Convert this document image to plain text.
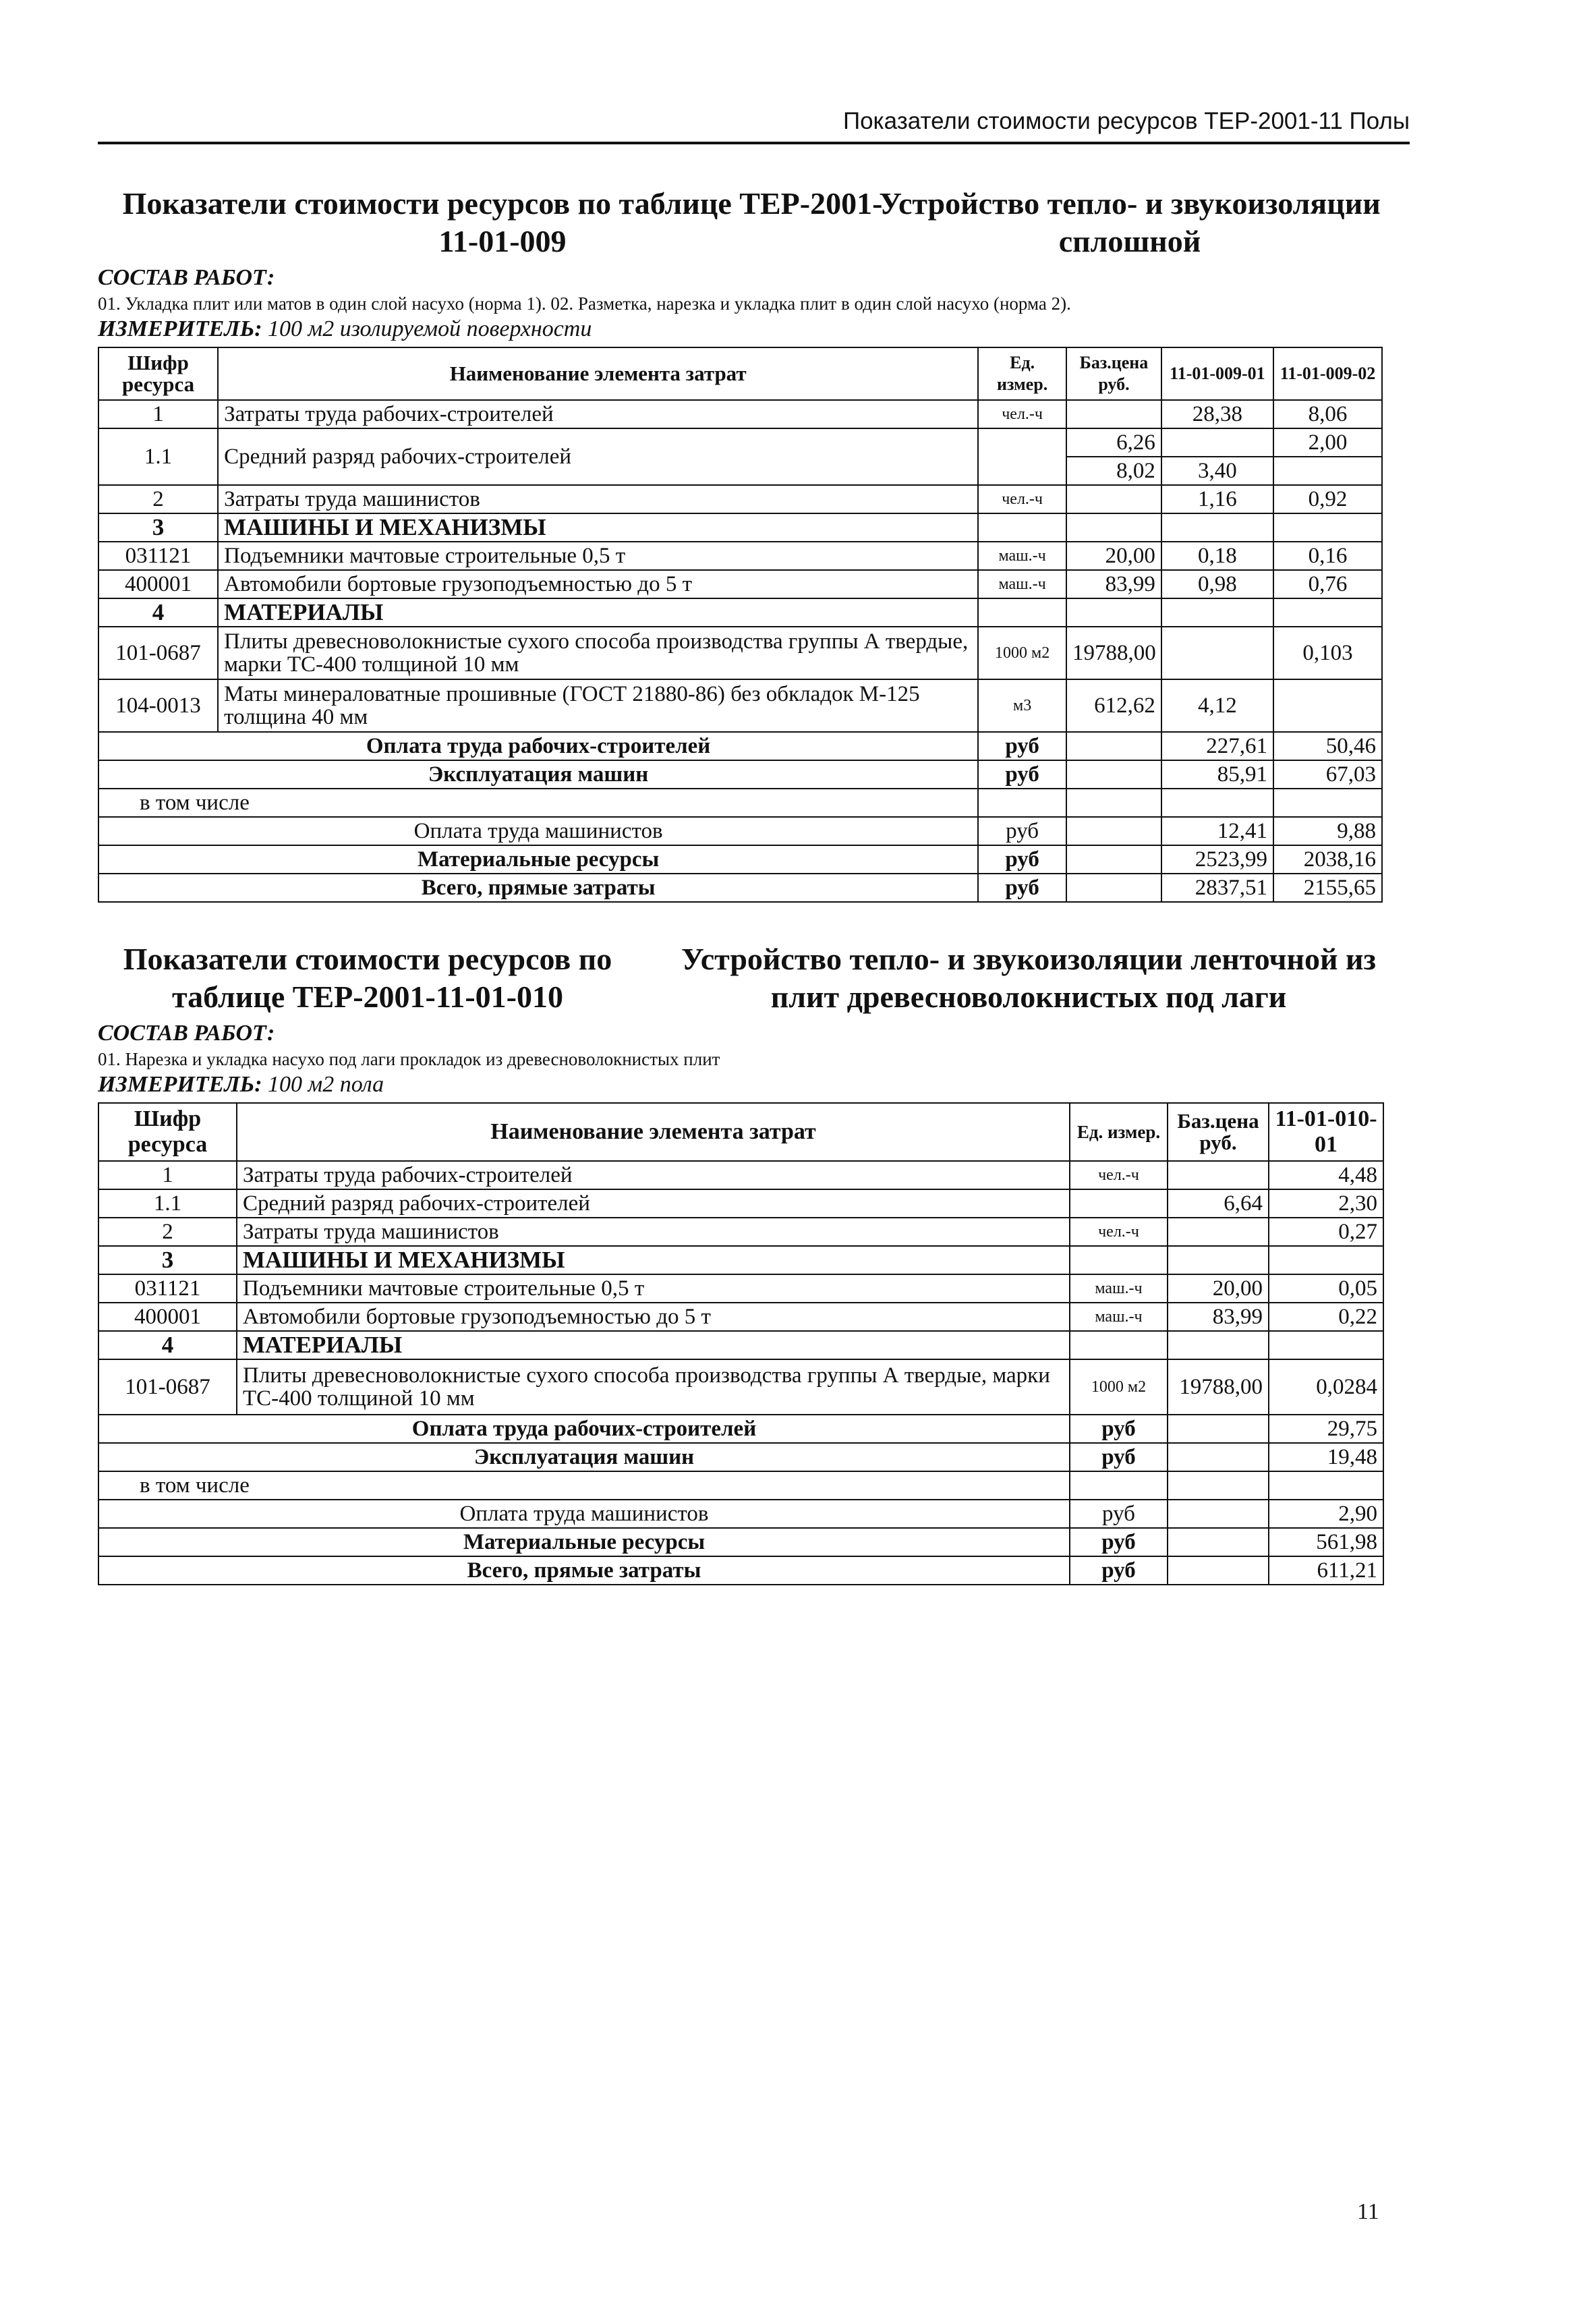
Показатели стоимости ресурсов ТЕР-2001-11 Полы
Показатели стоимости ресурсов по таблице ТЕР-2001-11-01-009
Устройство тепло- и звукоизоляции сплошной
СОСТАВ РАБОТ:
01. Укладка плит или матов в один слой насухо (норма 1). 02. Разметка, нарезка и укладка плит в один слой насухо (норма 2).
ИЗМЕРИТЕЛЬ: 100 м2 изолируемой поверхности
Шифр ресурса	Наименование элемента затрат	Ед. измер.	Баз.цена руб.	11-01-009-01	11-01-009-02
1	Затраты труда рабочих-строителей	чел.-ч		28,38	8,06
1.1	Средний разряд рабочих-строителей		6,26		2,00
			8,02	3,40	
2	Затраты труда машинистов	чел.-ч		1,16	0,92
3	МАШИНЫ И МЕХАНИЗМЫ				
031121	Подъемники мачтовые строительные 0,5 т	маш.-ч	20,00	0,18	0,16
400001	Автомобили бортовые грузоподъемностью до 5 т	маш.-ч	83,99	0,98	0,76
4	МАТЕРИАЛЫ				
101-0687	Плиты древесноволокнистые сухого способа производства группы А твердые, марки ТС-400 толщиной 10 мм	1000 м2	19788,00		0,103
104-0013	Маты минераловатные прошивные (ГОСТ 21880-86) без обкладок М-125 толщина 40 мм	м3	612,62	4,12	
Оплата труда рабочих-строителей		руб		227,61	50,46
Эксплуатация машин		руб		85,91	67,03
в том числе					
Оплата труда машинистов		руб		12,41	9,88
Материальные ресурсы		руб		2523,99	2038,16
Всего, прямые затраты		руб		2837,51	2155,65
Показатели стоимости ресурсов по таблице ТЕР-2001-11-01-010
Устройство тепло- и звукоизоляции ленточной из плит древесноволокнистых под лаги
СОСТАВ РАБОТ:
01. Нарезка и укладка насухо под лаги прокладок из древесноволокнистых плит
ИЗМЕРИТЕЛЬ: 100 м2 пола
Шифр ресурса	Наименование элемента затрат	Ед. измер.	Баз.цена руб.	11-01-010-01
1	Затраты труда рабочих-строителей	чел.-ч		4,48
1.1	Средний разряд рабочих-строителей		6,64	2,30
2	Затраты труда машинистов	чел.-ч		0,27
3	МАШИНЫ И МЕХАНИЗМЫ			
031121	Подъемники мачтовые строительные 0,5 т	маш.-ч	20,00	0,05
400001	Автомобили бортовые грузоподъемностью до 5 т	маш.-ч	83,99	0,22
4	МАТЕРИАЛЫ			
101-0687	Плиты древесноволокнистые сухого способа производства группы А твердые, марки ТС-400 толщиной 10 мм	1000 м2	19788,00	0,0284
Оплата труда рабочих-строителей		руб		29,75
Эксплуатация машин		руб		19,48
в том числе				
Оплата труда машинистов		руб		2,90
Материальные ресурсы		руб		561,98
Всего, прямые затраты		руб		611,21
11
